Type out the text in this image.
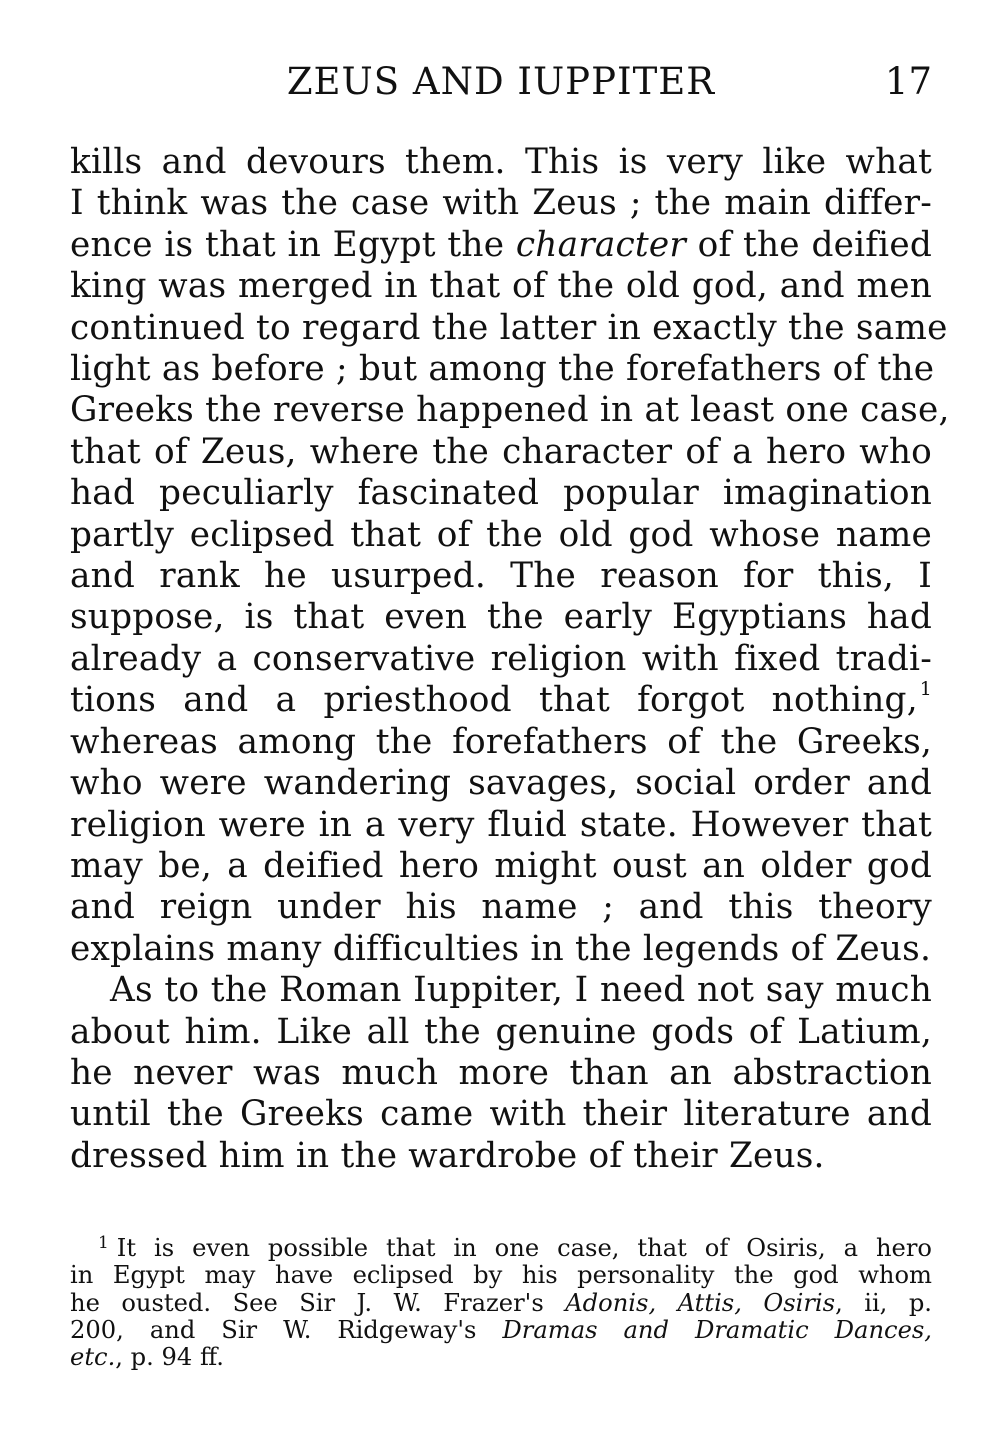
ZEUS AND IUPPITER	17
kills and devours them. This is very like what
I think was the case with Zeus ; the main differ-
ence is that in Egypt the character of the deified
king was merged in that of the old god, and men
continued to regard the latter in exactly the same
light as before ; but among the forefathers of the
Greeks the reverse happened in at least one case,
that of Zeus, where the character of a hero who
had peculiarly fascinated popular imagination
partly eclipsed that of the old god whose name
and rank he usurped. The reason for this, I
suppose, is that even the early Egyptians had
already a conservative religion with fixed tradi-
tions and a priesthood that forgot nothing, $^1$
whereas among the forefathers of the Greeks,
who were wandering savages, social order and
religion were in a very fluid state. However that
may be, a deified hero might oust an older god
and reign under his name ; and this theory
explains many difficulties in the legends of Zeus.
As to the Roman Iuppiter, I need not say much
about him. Like all the genuine gods of Latium,
he never was much more than an abstraction
until the Greeks came with their literature and
dressed him in the wardrobe of their Zeus.
$^1$ It is even possible that in one case, that of Osiris, a hero
in Egypt may have eclipsed by his personality the god whom
he ousted. See Sir J. W. Frazer's Adonis, Attis, Osiris, ii, p.
200, and Sir W. Ridgeway's Dramas and Dramatic Dances,
etc., p. 94 ff.
